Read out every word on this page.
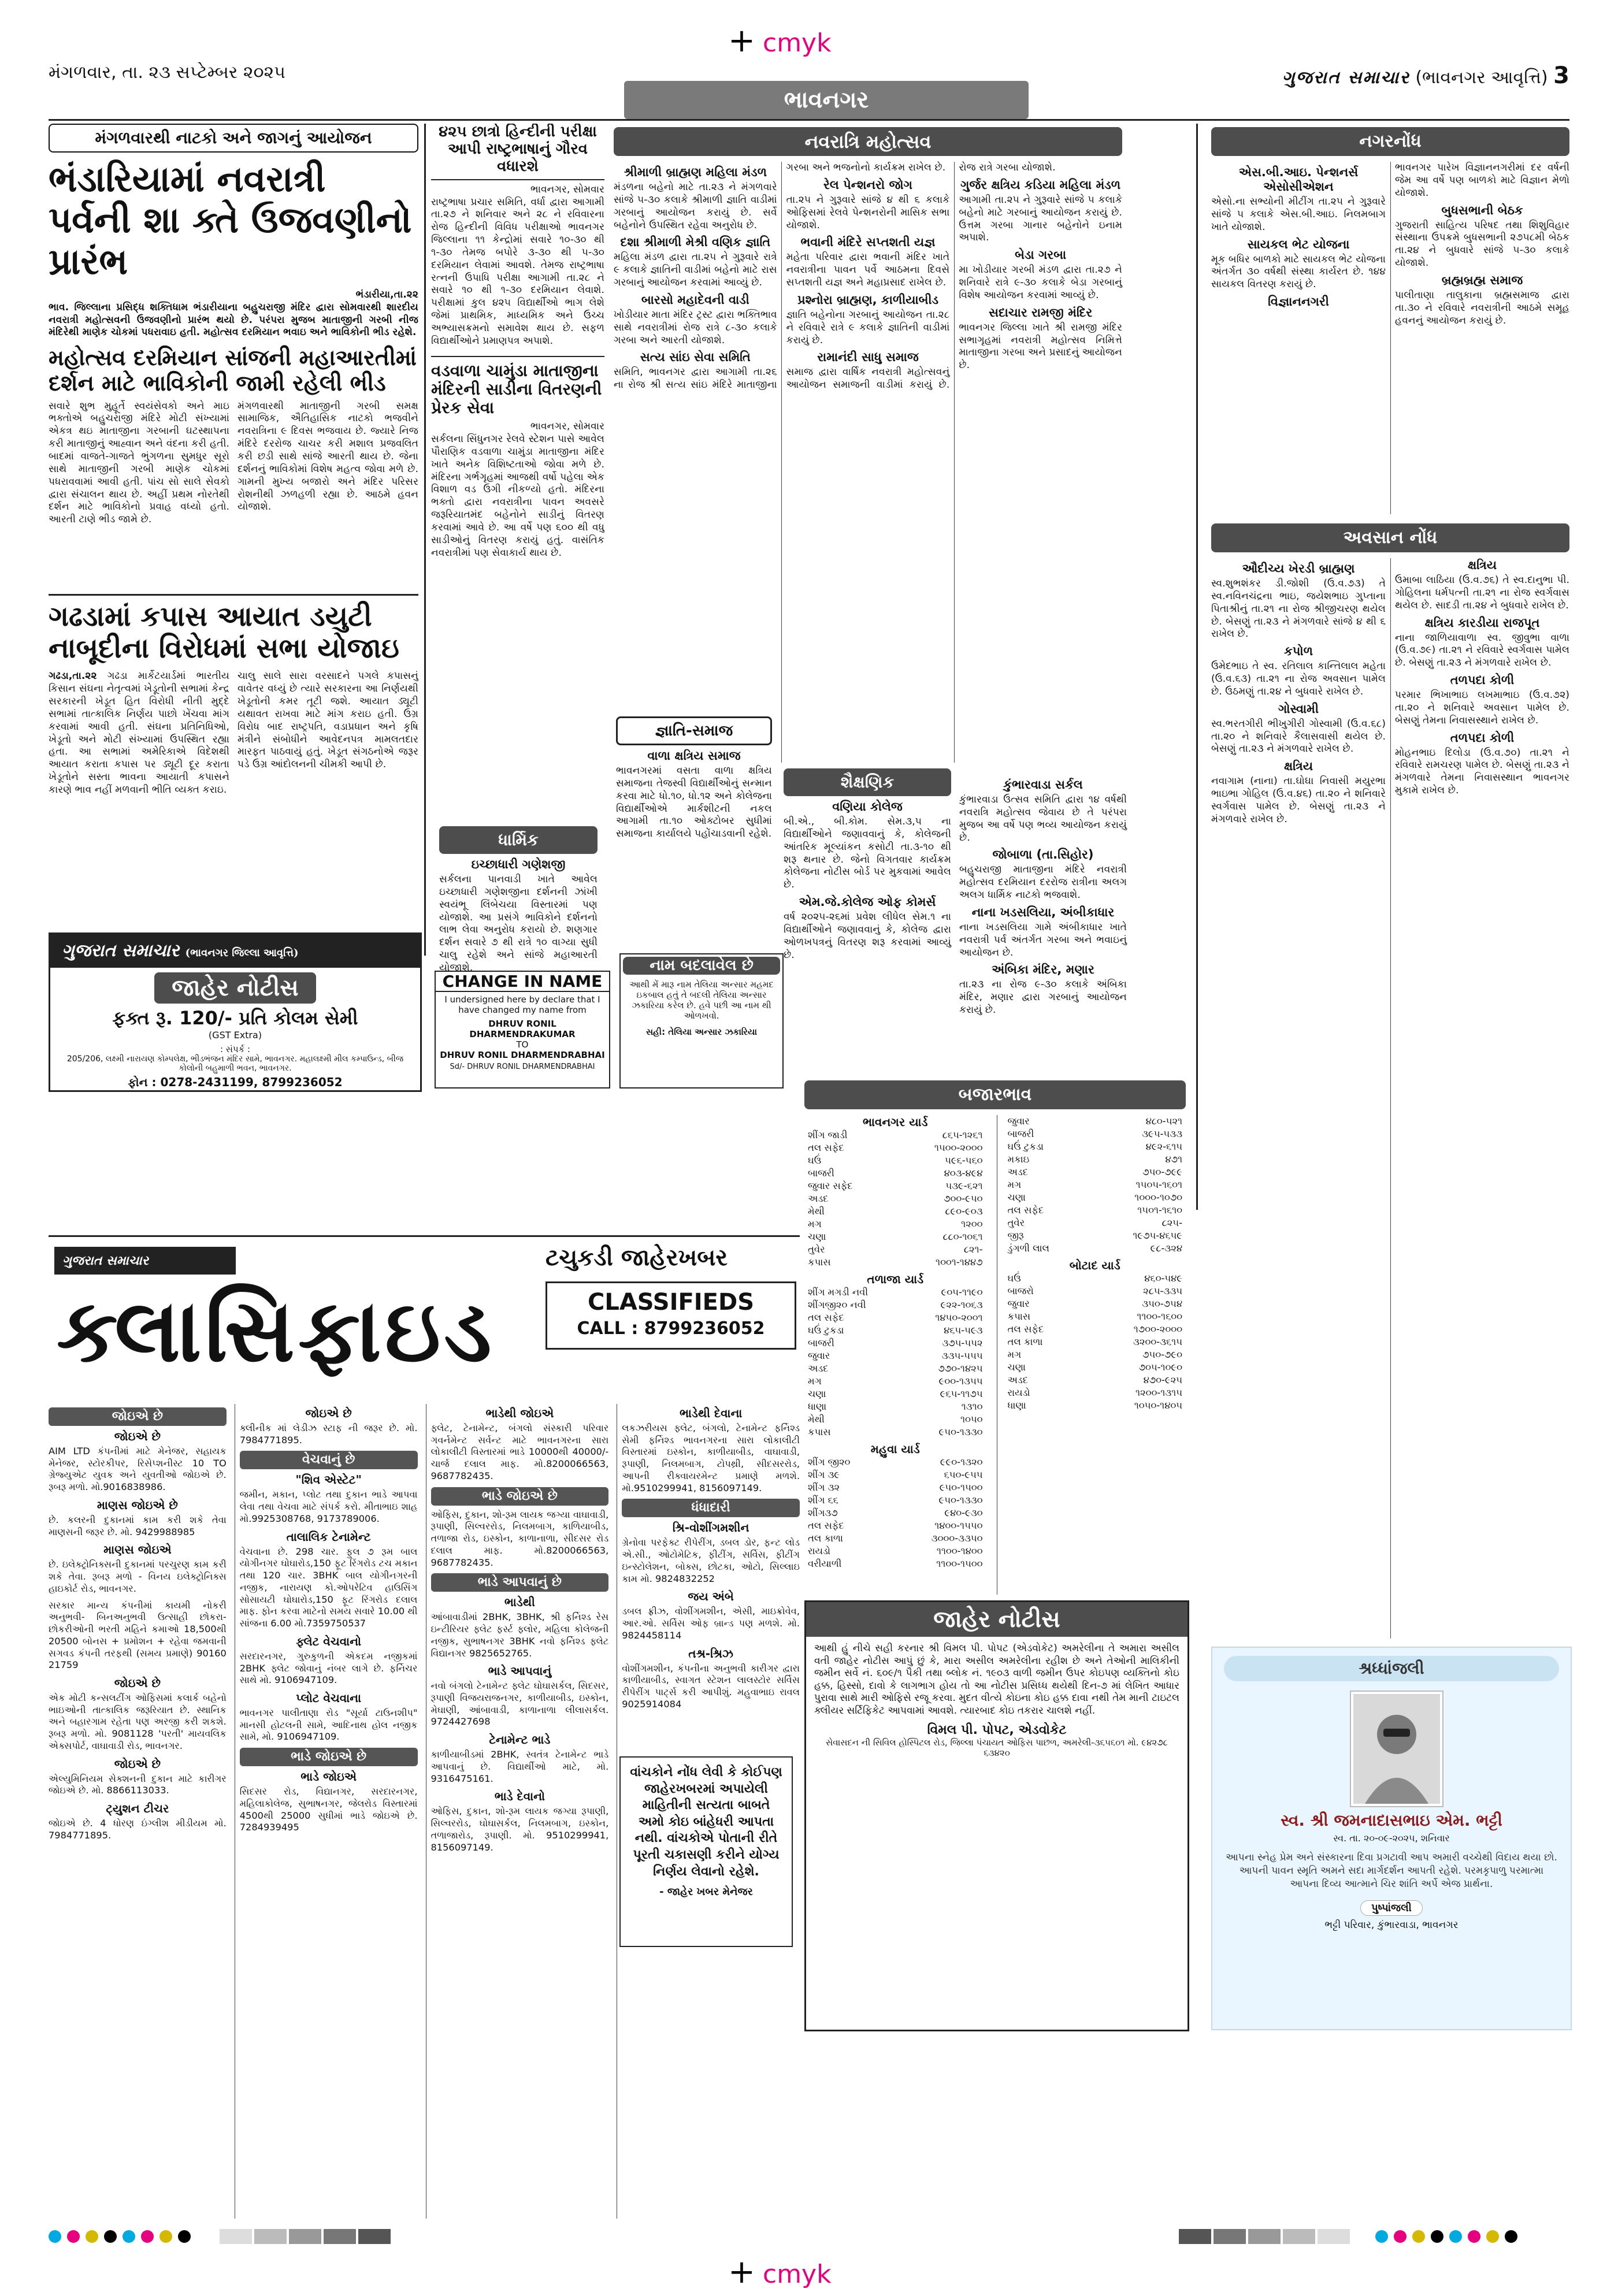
+ cmyk
મંગળવાર, તા. ૨૩ સપ્ટેમ્બર ૨૦૨૫	ગુજરાત સમાચાર (ભાવનગર આવૃત્તિ) 3
ભાવનગર
મંગળવારથી નાટકો અને જાગનું આયોજન
ભંડારિયામાં નવરાત્રી પર્વની શા ક્તે ઉજવણીનો પ્રારંભ
ભંડારીયા,તા.૨૨
ભાવ. જિલ્લાના પ્રસિદ્ધ શક્તિધામ ભંડારીયાના બહુચરાજી મંદિર દ્વારા સોમવારથી શારદીય નવરાત્રી મહોત્સવની ઉજવણીનો પ્રારંભ થયો છે. પરંપરા મુજબ માતાજીની ગરબી નીજ મંદિરેથી માણેક ચોકમાં પધરાવાઇ હતી. મહોત્સવ દરમિયાન ભવાઇ અને ભાવિકોની ભીડ રહેશે.
મહોત્સવ દરમિયાન સાંજની મહાઆરતીમાં દર્શન માટે ભાવિકોની જામી રહેલી ભીડ
સવારે શુભ મુહૂર્તે સ્વયંસેવકો અને માઇ ભક્તોએ બહુચરાજી મંદિરે મોટી સંખ્યામાં એકત્ર થઇ માતાજીના ગરબાની ઘટસ્થાપના કરી માતાજીનું આહ્વાન અને વંદના કરી હતી. બાદમાં વાજતે-ગાજતે ભુંગળના સુમધુર સૂરો સાથે માતાજીની ગરબી માણેક ચોકમાં પધરાવવામાં આવી હતી. પાંચ સો સાલે સેવકો દ્વારા સંચાલન થાય છે. અહીં પ્રથમ નોરતેથી દર્શન માટે ભાવિકોનો પ્રવાહ વધ્યો હતો. આરતી ટાણે ભીડ જામે છે.
મંગળવારથી માતાજીની ગરબી સમક્ષ સામાજિક, ઐતિહાસિક નાટકો ભજવીને નવરાત્રિના ૯ દિવસ ભજવાય છે. જ્યારે નિજ મંદિરે દરરોજ ચાચર કરી મશાલ પ્રજવલિત કરી છડી સાથે સાંજે આરતી થાય છે. જેના દર્શનનું ભાવિકોમાં વિશેષ મહત્વ જોવા મળે છે. ગામની મુખ્ય બજારો અને મંદિર પરિસર રોશનીથી ઝળહળી રહ્યા છે. આઠમે હવન યોજાશે.
ગઢડામાં કપાસ આયાત ડયુટી નાબૂદીના વિરોધમાં સભા યોજાઇ
ગઢડા,તા.૨૨ ગઢડા માર્કેટયાર્ડમાં ભારતીય કિસાન સંઘના નેતૃત્વમાં ખેડૂતોની સભામાં કેન્દ્ર સરકારની ખેડૂત હિત વિરોધી નીતી મુદ્દે સભામાં તાત્કાલિક નિર્ણય પાછો ખેંચવા માંગ કરવામાં આવી હતી. સંઘના પ્રતિનિધિઓ, ખેડૂતો અને મોટી સંખ્યામાં ઉપસ્થિત રહ્યા હતા. આ સભામાં અમેરિકાએ વિદેશથી આયાત કરાતા કપાસ પર ડ્યૂટી દૂર કરાતા ખેડૂતોને સસ્તા ભાવના આયાતી કપાસને કારણે ભાવ નહીં મળવાની ભીતિ વ્યક્ત કરાઇ.
ચાલુ સાલે સારા વરસાદને પગલે કપાસનું વાવેતર વધ્યું છે ત્યારે સરકારના આ નિર્ણયથી ખેડૂતોની કમર તૂટી જશે. આયાત ડ્યૂટી યથાવત રાખવા માટે માંગ કરાઇ હતી. ઉગ્ર વિરોધ બાદ રાષ્ટ્રપતિ, વડાપ્રધાન અને કૃષિ મંત્રીને સંબોધીને આવેદનપત્ર મામલતદાર મારફત પાઠવાયું હતું. ખેડૂત સંગઠનોએ જરૂર પડે ઉગ્ર આંદોલનની ચીમકી આપી છે.
૪૨૫ છાત્રો હિન્દીની પરીક્ષા આપી રાષ્ટ્રભાષાનું ગૌરવ વધારશે
ભાવનગર, સોમવાર
રાષ્ટ્રભાષા પ્રચાર સમિતિ, વર્ધા દ્વારા આગામી તા.૨૭ ને શનિવાર અને ૨૮ ને રવિવારના રોજ હિન્દીની વિવિધ પરીક્ષાઓ ભાવનગર જિલ્લાના ૧૧ કેન્દ્રોમાં સવારે ૧૦-૩૦ થી ૧-૩૦ તેમજ બપોરે ૩-૩૦ થી ૫-૩૦ દરમિયાન લેવામાં આવશે. તેમજ રાષ્ટ્રભાષા રત્નની ઉપાધિ પરીક્ષા આગામી તા.૨૮ ને સવારે ૧૦ થી ૧-૩૦ દરમિયાન લેવાશે. પરીક્ષામાં કુલ ૪૨૫ વિદ્યાર્થીઓ ભાગ લેશે જેમાં પ્રાથમિક, માધ્યમિક અને ઉચ્ચ અભ્યાસક્રમનો સમાવેશ થાય છે. સફળ વિદ્યાર્થીઓને પ્રમાણપત્ર અપાશે.
વડવાળા ચામુંડા માતાજીના મંદિરની સાડીના વિતરણની પ્રેરક સેવા
ભાવનગર, સોમવાર
સર્કલના સિંધુનગર રેલવે સ્ટેશન પાસે આવેલ પૌરાણિક વડવાળા ચામુંડા માતાજીના મંદિર ખાતે અનેક વિશિષ્ટતાઓ જોવા મળે છે. મંદિરના ગર્ભગૃહમાં આજથી વર્ષો પહેલા એક વિશાળ વડ ઉગી નીકળ્યો હતો. મંદિરના ભક્તો દ્વારા નવરાત્રીના પાવન અવસરે જરૂરિયાતમંદ બહેનોને સાડીનું વિતરણ કરવામાં આવે છે. આ વર્ષે પણ ૬૦૦ થી વધુ સાડીઓનું વિતરણ કરાયું હતું. વાસંતિક નવરાત્રીમાં પણ સેવાકાર્ય થાય છે.
ધાર્મિક
ઇચ્છાધારી ગણેશજી
સર્કલના પાનવાડી ખાતે આવેલ ઇચ્છાધારી ગણેશજીના દર્શનની ઝાંખી સ્વયંભૂ લિંબેચયા વિસ્તારમાં પણ યોજાશે. આ પ્રસંગે ભાવિકોને દર્શનનો લાભ લેવા અનુરોધ કરાયો છે. શણગાર દર્શન સવારે ૭ થી રાત્રે ૧૦ વાગ્યા સુધી ચાલુ રહેશે અને સાંજે મહાઆરતી યોજાશે.
ગુજરાત સમાચાર (ભાવનગર જિલ્લા આવૃત્તિ)
જાહેર નોટીસ
ફક્ત રૂ. 120/- પ્રતિ કોલમ સેમી
(GST Extra)
: સંપર્ક :
205/206, લક્ષ્મી નારાયણ કોમ્પલેક્ષ, ભીડભંજન મંદિર સામે, ભાવનગર. મહાલક્ષ્મી મીલ કમ્પાઉન્ડ, બીજ કોલોની બહુમાળી ભવન, ભાવનગર.
ફોન : 0278-2431199, 8799236052
CHANGE IN NAME
I undersigned here by declare that I have changed my name from
DHRUV RONIL DHARMENDRAKUMAR
TO
DHRUV RONIL DHARMENDRABHAI
Sd/- DHRUV RONIL DHARMENDRABHAI
નામ બદલાવેલ છે
આથી મેં મારૂ નામ તેલિયા અન્સાર મહમદ ઇકબાલ હતું તે બદલી તેલિયા અન્સાર ઝકારિયા કરેલ છે. હવે પછી આ નામ થી ઓળખવો.
સહી: તેલિયા અન્સાર ઝકારિયા
નવરાત્રિ મહોત્સવ
શ્રીમાળી બ્રાહ્મણ મહિલા મંડળ
મંડળના બહેનો માટે તા.૨૩ ને મંગળવારે સાંજે ૫-૩૦ કલાકે શ્રીમાળી જ્ઞાતિ વાડીમાં ગરબાનું આયોજન કરાયું છે. સર્વે બહેનોને ઉપસ્થિત રહેવા અનુરોધ છે.
દશા શ્રીમાળી મેશ્રી વણિક જ્ઞાતિ
મહિલા મંડળ દ્વારા તા.૨૫ ને ગુરૂવારે રાત્રે ૯ કલાકે જ્ઞાતિની વાડીમાં બહેનો માટે રાસ ગરબાનું આયોજન કરવામાં આવ્યું છે.
બારસો મહાદેવની વાડી
ખોડીયાર માતા મંદિર ટ્રસ્ટ દ્વારા ભક્તિભાવ સાથે નવરાત્રીમાં રોજ રાત્રે ૮-૩૦ કલાકે ગરબા અને આરતી યોજાશે.
સત્ય સાંઇ સેવા સમિતિ
સમિતિ, ભાવનગર દ્વારા આગામી તા.૨૬ ના રોજ શ્રી સત્ય સાંઇ મંદિરે માતાજીના ગરબા અને ભજનોનો કાર્યક્રમ રાખેલ છે.
રેલ પેન્શનરો જોગ
તા.૨૫ ને ગુરૂવારે સાંજે ૪ થી ૬ કલાકે ઓફિસમાં રેલવે પેન્શનરોની માસિક સભા યોજાશે.
ભવાની મંદિરે સપ્તશતી યજ્ઞ
મહેતા પરિવાર દ્વારા ભવાની મંદિર ખાતે નવરાત્રીના પાવન પર્વે આઠમના દિવસે સપ્તશતી યજ્ઞ અને મહાપ્રસાદ રાખેલ છે.
પ્રશ્નોરા બ્રાહ્મણ, કાળીયાબીડ
જ્ઞાતિ બહેનોના ગરબાનું આયોજન તા.૨૮ ને રવિવારે રાત્રે ૯ કલાકે જ્ઞાતિની વાડીમાં કરાયું છે.
રામાનંદી સાધુ સમાજ
સમાજ દ્વારા વાર્ષિક નવરાત્રી મહોત્સવનું આયોજન સમાજની વાડીમાં કરાયું છે. રોજ રાત્રે ગરબા યોજાશે.
ગુર્જર ક્ષત્રિય કડિયા મહિલા મંડળ
આગામી તા.૨૫ ને ગુરૂવારે સાંજે ૫ કલાકે બહેનો માટે ગરબાનું આયોજન કરાયું છે. ઉત્તમ ગરબા ગાનાર બહેનોને ઇનામ અપાશે.
બેડા ગરબા
મા ખોડીયાર ગરબી મંડળ દ્વારા તા.૨૭ ને શનિવારે રાત્રે ૯-૩૦ કલાકે બેડા ગરબાનું વિશેષ આયોજન કરવામાં આવ્યું છે.
સદાચાર રામજી મંદિર
ભાવનગર જિલ્લા ખાતે શ્રી રામજી મંદિર સભાગૃહમાં નવરાત્રી મહોત્સવ નિમિત્તે માતાજીના ગરબા અને પ્રસાદનું આયોજન છે.
જ્ઞાતિ-સમાજ
વાળા ક્ષત્રિય સમાજ
ભાવનગરમાં વસતા વાળા ક્ષત્રિય સમાજના તેજસ્વી વિદ્યાર્થીઓનું સન્માન કરવા માટે ધો.૧૦, ધો.૧૨ અને કોલેજના વિદ્યાર્થીઓએ માર્કશીટની નકલ આગામી તા.૧૦ ઓક્ટોબર સુધીમાં સમાજના કાર્યાલયે પહોંચાડવાની રહેશે.
શૈક્ષણિક
વણિયા કોલેજ
બી.એ., બી.કોમ. સેમ.૩,૫ ના વિદ્યાર્થીઓને જણાવવાનું કે, કોલેજની આંતરિક મૂલ્યાંકન કસોટી તા.૩-૧૦ થી શરૂ થનાર છે. જેનો વિગતવાર કાર્યક્રમ કોલેજના નોટીસ બોર્ડ પર મુકવામાં આવેલ છે.
એમ.જે.કોલેજ ઓફ કોમર્સ
વર્ષ ૨૦૨૫-૨૬માં પ્રવેશ લીધેલ સેમ.૧ ના વિદ્યાર્થીઓને જણાવવાનું કે, કોલેજ દ્વારા ઓળખપત્રનું વિતરણ શરૂ કરવામાં આવ્યું છે.
કુંભારવાડા સર્કલ
કુંભારવાડા ઉત્સવ સમિતિ દ્વારા ૧૪ વર્ષથી નવરાત્રિ મહોત્સવ જેવાય છે તે પરંપરા મુજબ આ વર્ષે પણ ભવ્ય આયોજન કરાયું છે.
જોબાળા (તા.સિહોર)
બહુચરાજી માતાજીના મંદિરે નવરાત્રી મહોત્સવ દરમિયાન દરરોજ રાત્રીના અલગ અલગ ધાર્મિક નાટકો ભજવાશે.
નાના ખડસલિયા, અંબીકાધાર
નાના ખડસલિયા ગામે અંબીકાધાર ખાતે નવરાત્રી પર્વ અંતર્ગત ગરબા અને ભવાઇનું આયોજન છે.
અંબિકા મંદિર, મણાર
તા.૨૩ ના રોજ ૯-૩૦ કલાકે અંબિકા મંદિર, મણાર દ્વારા ગરબાનું આયોજન કરાયું છે.
નગરનોંધ
એસ.બી.આઇ. પેન્શનર્સ એસોસીએશન
એસો.ના સભ્યોની મીટીંગ તા.૨૫ ને ગુરૂવારે સાંજે ૫ કલાકે એસ.બી.આઇ. નિલમબાગ ખાતે યોજાશે.
સાયકલ ભેટ યોજના
મૂક બધિર બાળકો માટે સાયકલ ભેટ યોજના અંતર્ગત ૩૦ વર્ષથી સંસ્થા કાર્યરત છે. ૧૪૪ સાયકલ વિતરણ કરાયું છે.
વિજ્ઞાનનગરી
ભાવનગર પારેખ વિજ્ઞાનનગરીમાં દર વર્ષની જેમ આ વર્ષે પણ બાળકો માટે વિજ્ઞાન મેળો યોજાશે.
બુધસભાની બેઠક
ગુજરાતી સાહિત્ય પરિષદ તથા શિશુવિહાર સંસ્થાના ઉપક્રમે બુધસભાની ૨૭૫૮મી બેઠક તા.૨૪ ને બુધવારે સાંજે ૫-૩૦ કલાકે યોજાશે.
બ્રહ્મબ્રહ્મ સમાજ
પાલીતાણા તાલુકાના બ્રહ્મસમાજ દ્વારા તા.૩૦ ને રવિવારે નવરાત્રીની આઠમે સમૂહ હવનનું આયોજન કરાયું છે.
અવસાન નોંધ
ઔદીચ્ય ખેરડી બ્રાહ્મણ
સ્વ.શુભશંકર ડી.જોશી (ઉ.વ.૭૩) તે સ્વ.નવિનચંદ્રના ભાઇ, જયેશભાઇ ગુપ્તાના પિતાશ્રીનું તા.૨૧ ના રોજ શ્રીજીચરણ થયેલ છે. બેસણું તા.૨૩ ને મંગળવારે સાંજે ૪ થી ૬ રાખેલ છે.
કપોળ
ઉમેદભાઇ તે સ્વ. રતિલાલ કાન્તિલાલ મહેતા (ઉ.વ.૬૩) તા.૨૧ ના રોજ અવસાન પામેલ છે. ઉઠમણું તા.૨૪ ને બુધવારે રાખેલ છે.
ગોસ્વામી
સ્વ.ભરતગીરી ભીખુગીરી ગોસ્વામી (ઉ.વ.૬૮) તા.૨૦ ને શનિવારે કૈલાસવાસી થયેલ છે. બેસણું તા.૨૩ ને મંગળવારે રાખેલ છે.
ક્ષત્રિય
નવાગામ (નાના) તા.ઘોઘા નિવાસી મયુરભા ભાઇભા ગોહિલ (ઉ.વ.૪૬) તા.૨૦ ને શનિવારે સ્વર્ગવાસ પામેલ છે. બેસણું તા.૨૩ ને મંગળવારે રાખેલ છે.
ક્ષત્રિય
ઉમાબા લાઠિયા (ઉ.વ.૭૬) તે સ્વ.દાનુભા પી. ગોહિલના ધર્મપત્ની તા.૨૧ ના રોજ સ્વર્ગવાસ થયેલ છે. સાદડી તા.૨૪ ને બુધવારે રાખેલ છે.
ક્ષત્રિય કારડીયા રાજપૂત
નાના જાળિયાવાળા સ્વ. જીવુભા વાળા (ઉ.વ.૭૯) તા.૨૧ ને રવિવારે સ્વર્ગવાસ પામેલ છે. બેસણું તા.૨૩ ને મંગળવારે રાખેલ છે.
તળપદા કોળી
પરમાર ભિખાભાઇ લખમાભાઇ (ઉ.વ.૭૨) તા.૨૦ ને શનિવારે અવસાન પામેલ છે. બેસણું તેમના નિવાસસ્થાને રાખેલ છે.
તળપદા કોળી
મોહનભાઇ દિલોડા (ઉ.વ.૭૦) તા.૨૧ ને રવિવારે રામચરણ પામેલ છે. બેસણું તા.૨૩ ને મંગળવારે તેમના નિવાસસ્થાન ભાવનગર મુકામે રાખેલ છે.
બજારભાવ
ભાવનગર યાર્ડ
શીંગ જાડી	૮૬૫-૧૨૬૧
તલ સફેદ	૧૫૦૦-૨૦૦૦
ઘઉં	૫૯૬-૫૬૦
બાજરી	૪૦૩-૪૯૪
જુવાર સફેદ	૫૩૯-૬૨૧
અડદ	૭૦૦-૯૫૦
મેથી	૮૯૦-૯૦૩
મગ	૧૨૦૦
ચણા	૮૮૦-૧૦૬૧
તુવેર	૮૨૧-
કપાસ	૧૦૦૧-૧૪૪૭
તળાજા યાર્ડ
શીંગ મગડી નવી	૯૦૫-૧૧૯૦
શીંગજી૨૦ નવી	૯૨૨-૧૦૬૩
તલ સફેદ	૧૪૫૦-૨૦૦૧
ઘઉં ટુકડા	૪૬૫-૫૯૩
બાજરી	૩૭૫-૫૫૨
જુવાર	૩૩૫-૫૫૫
અડદ	૭૭૦-૧૪૨૫
મગ	૯૦૦-૧૩૫૫
ચણા	૯૬૫-૧૧૭૫
ધાણા	૧૩૧૦
મેથી	૧૦૫૦
કપાસ	૯૫૦-૧૩૩૦
મહુવા યાર્ડ
શીંગ જી૨૦	૯૯૦-૧૩૨૦
શીંગ ૩૯	૬૫૦-૯૫૫
શીંગ ૩૨	૯૫૦-૧૫૦૦
શીંગ ૬૬	૯૫૦-૧૩૩૦
શીંગ૩૭	૯૪૦-૯૩૦
તલ સફેદ	૧૪૦૦-૧૫૫૦
તલ કાળા	૩૦૦૦-૩૩૫૦
રાયડો	૧૧૦૦-૧૪૦૦
વરીયાળી	૧૧૦૦-૧૫૦૦
જુવાર	૪૮૦-૫૨૧
બાજરી	૩૯૫-૫૩૩
ઘઉં ટુકડા	૪૯૨-૬૧૫
મકાઇ	૪૭૧
અડદ	૭૫૦-૭૯૯
મગ	૧૫૦૫-૧૬૦૧
ચણા	૧૦૦૦-૧૦૭૦
તલ સફેદ	૧૫૦૧-૧૬૧૦
તુવેર	૮૨૫-
જીરૂ	૧૯૭૫-૪૬૫૯
ડુંગળી લાલ	૯૮-૩૨૪
બોટાદ યાર્ડ
ઘઉં	૪૬૦-૫૪૯
બાજરો	૨૮૫-૩૩૫
જુવાર	૩૫૦-૭૫૪
કપાસ	૧૧૦૦-૧૬૦૦
તલ સફેદ	૧૭૦૦-૨૦૦૦
તલ કાળા	૩૨૦૦-૩૬૧૫
મગ	૭૫૦-૭૯૦
ચણા	૭૦૫-૧૦૯૦
અડદ	૪૭૦-૯૨૫
રાયડો	૧૨૦૦-૧૩૧૫
ધાણા	૧૦૫૦-૧૪૦૫
જાહેર નોટીસ
આથી હું નીચે સહી કરનાર શ્રી વિમલ પી. પોપટ (એડવોકેટ) અમરેલીના તે અમારા અસીલ વતી જાહેર નોટીસ આપું છું કે, મારા અસીલ અમરેલીના રહીશ છે અને તેઓની માલિકીની જમીન સર્વે નં. ૬૦૯/૧ પૈકી તથા બ્લોક નં. ૧૯૦૩ વાળી જમીન ઉપર કોઇપણ વ્યક્તિનો કોઇ હક્ક, હિસ્સો, દાવો કે લાગભાગ હોય તો આ નોટીસ પ્રસિધ્ધ થયેથી દિન-૭ માં લેખિત આધાર પુરાવા સાથે મારી ઓફિસે રજૂ કરવા. મુદત વીત્યે કોઇના કોઇ હક્ક દાવા નથી તેમ માની ટાઇટલ ક્લીયર સર્ટિફિકેટ આપવામાં આવશે. ત્યારબાદ કોઇ તકરાર ચાલશે નહીં.
વિમલ પી. પોપટ, એડવોકેટ
સેવાસદન ની સિવિલ હોસ્પિટલ રોડ, જિલ્લા પંચાયત ઓફિસ પાછળ, અમરેલી-૩૬૫૬૦૧ મો. ૯૪૨૭૮ ૬૩૪૨૦
વાંચકોને નોંધ લેવી કે કોઈપણ જાહેરખબરમાં અપાયેલી માહિતીની સત્યતા બાબતે અમો કોઇ બાંહેધરી આપતા નથી. વાંચકોએ પોતાની રીતે પૂરતી ચકાસણી કરીને યોગ્ય નિર્ણય લેવાનો રહેશે.
- જાહેર ખબર મેનેજર
શ્રધ્ધાંજલી
સ્વ. શ્રી જમનાદાસભાઇ એમ. ભટ્ટી
સ્વ. તા. ૨૦-૦૯-૨૦૨૫, શનિવાર
આપના સ્નેહ પ્રેમ અને સંસ્કારના દિવા પ્રગટાવી આપ અમારી વચ્ચેથી વિદાય થયા છો. આપની પાવન સ્મૃતિ અમને સદા માર્ગદર્શન આપતી રહેશે. પરમકૃપાળુ પરમાત્મા આપના દિવ્ય આત્માને ચિર શાંતિ અર્પે એજ પ્રાર્થના.
પુષ્પાંજલી
ભટ્ટી પરિવાર, કુંભારવાડા, ભાવનગર
ગુજરાત સમાચાર
ક્લાસિફાઇડ
ટચુકડી જાહેરખબર
CLASSIFIEDS
CALL : 8799236052
જોઇએ છે
જોઇએ છે
AIM LTD કંપનીમાં માટે મેનેજર, સહાયક મેનેજર, સ્ટોરકીપર, રિસેપ્શનીસ્ટ 10 TO ગ્રેજ્યુએટ યુવક અને યુવતીઓ જોઇએ છે. રૂબરૂ મળો. મો.9016838986.
માણસ જોઇએ છે
છે. કલરની દુકાનમાં કામ કરી શકે તેવા માણસની જરૂર છે. મો. 9429988985
માણસ જોઇએ
છે. ઇલેક્ટ્રોનિક્સની દુકાનમાં પરચુરણ કામ કરી શકે તેવા. રૂબરૂ મળો - વિનય ઇલેક્ટ્રોનિક્સ હાઇકોર્ટ રોડ, ભાવનગર.
સરકાર માન્ય કંપનીમાં કાયમી નોકરી અનુભવી- બિનઅનુભવી ઉત્સાહી છોકરા- છોકરીઓની ભરતી મહિને કમાઓ 18,500થી 20500 બોનસ + પ્રમોશન + રહેવા જમવાની સગવડ કંપની તરફથી (સમય પ્રમાણે) 90160 21759
જોઇએ છે
એક મોટી કન્સલટીંગ ઓફિસમાં કલાર્ક બહેનો ભાઇઓની તાત્કાલિક જરૂરિયાત છે. સ્થાનિક અને બહારગામ રહેતા પણ અરજી કરી શકશે. રૂબરૂ મળો. મો. 9081128 'પરતી' માયવલિક એક્સપોર્ટ, વાઘાવાડી રોડ, ભાવનગર.
જોઇએ છે
એલ્યુમિનિયમ સેક્શનની દુકાન માટે કારીગર જોઇએ છે. મો. 8866113033.
ટ્યુશન ટીચર
જોઇએ છે. 4 ધોરણ ઇંગ્લીશ મીડીયમ મો. 7984771895.
જોઇએ છે
ક્લીનીક માં લેડીઝ સ્ટાફ ની જરૂર છે. મો. 7984771895.
વેચવાનું છે
"શિવ એસ્ટેટ"
જમીન, મકાન, પ્લોટ તથા દુકાન ભાડે આપવા લેવા તથા વેચવા માટે સંપર્ક કરો. મીતાભાઇ શાહ મો.9925308768, 9173789006.
તાલાલિક ટેનામેન્ટ
વેચવાના છે. 298 ચાર. ફુલ ૭ રૂમ બાલ યોગીનગર ઘોઘારોડ,150 ફૂટ રિંગરોડ ટચ મકાન તથા 120 ચાર. 3BHK બાલ યોગીનગરની નજીક, નારાયણ કો.ઓપરેટિવ હાઉસિંગ સોસાયટી ઘોઘારોડ,150 ફૂટ રિંગરોડ દલાલ માફ. ફોન કરવા માટેનો સમય સવારે 10.00 થી સાંજના 6.00 મો.7359750537
ફ્લેટ વેચવાનો
સરદારનગર, ગુરુકુળની એકદમ નજીકમાં 2BHK ફ્લેટ જોવાનું નંબર લાગે છે. ફર્નિચર સાથે મો. 9106947109.
પ્લોટ વેચવાના
ભાવનગર પાલીતાણા રોડ "સૂર્યા ટાઉનશીપ" માનસી હોટલની સામે, આદિનાથ હોલ નજીક સામે, મો. 9106947109.
ભાડે જોઇએ છે
ભાડે જોઇએ
સિદસર રોડ, વિદ્યાનગર, સરદારનગર, મહિલાકોલેજ, સુભાષનગર, જેલરોડ વિસ્તારમાં 4500થી 25000 સુધીમાં ભાડે જોઇએ છે. 7284939495
ભાડેથી જોઇએ
ફ્લેટ, ટેનામેન્ટ, બંગલો સંસ્કારી પરિવાર ગવર્નમેન્ટ સર્વન્ટ માટે ભાવનગરના સારા લોકાલીટી વિસ્તારમાં ભાડે 10000થી 40000/- ચાર્જ દલાલ માફ. મો.8200066563, 9687782435.
ભાડે જોઇએ છે
ઓફિસ, દુકાન, શો-રૂમ લાયક જગ્યા વાઘાવાડી, રૂપાણી, સિલ્વરરોડ, નિલમબાગ, કાળિયાબીડ, તળાજા રોડ, ઇસ્કોન, કાળાનાળા, સીદસર રોડ દલાલ માફ. મો.8200066563, 9687782435.
ભાડે આપવાનું છે
ભાડેથી
આંબાવાડીમાં 2BHK, 3BHK, શ્રી ફર્નિશ્ડ રેસ ઇન્ટીરિયર ફ્લેટ ફર્સ્ટ ફ્લોર, મહિલા કોલેજની નજીક, સુભાષનગર 3BHK નવો ફર્નિશ્ડ ફ્લેટ વિદ્યાનગર 9825652765.
ભાડે આપવાનું
નવો બંગલો ટેનામેન્ટ ફ્લેટ ઘોઘાસર્કલ, સિદસર, રૂપાણી વિજયરાજનગર, કાળીયાબીડ, ઇસ્કોન, મેઘાણી, આંબાવાડી, કાળાનાળા લીલાસર્કલ. 9724427698
ટેનામેન્ટ ભાડે
કાળીયાબીડમાં 2BHK, સ્વતંત્ર ટેનામેન્ટ ભાડે આપવાનું છે. વિદ્યાર્થીઓ માટે, મો. 9316475161.
ભાડે દેવાનો
ઓફિસ, દુકાન, શો-રૂમ લાયક જગ્યા રૂપાણી, સિલ્વરરોડ, ઘોઘાસર્કલ, નિલમબાગ, ઇસ્કોન, તળાજારોડ, રૂપાણી. મો. 9510299941, 8156097149.
ભાડેથી દેવાના
લકઝરીયસ ફ્લેટ, બંગલો, ટેનામેન્ટ ફર્નિશ્ડ સેમી ફર્નિશ્ડ ભાવનગરના સારા લોકાલીટી વિસ્તારમાં ઇસ્કોન, કાળીયાબીડ, વાઘાવાડી, રૂપાણી, નિલમબાગ, ટોપથ્રી, સીદસરરોડ, આપની રીક્વાયરમેન્ટ પ્રમાણે મળશે. મો.9510299941, 8156097149.
ધંધાદારી
શ્રિ-વોશીંગમશીન
ગ્રેનોવા પરફેક્ટ રીપેરીંગ, ડબલ ડોર, ફન્ટ લોડ એ.સી., ઓટોમેટિક, ફીટીંગ, સર્વિસ, ફીટીંગ ઇન્સ્ટોલેશન, બોક્સ, છોટકા, ઓટો, સિલ્લાઇ કામ મો. 9824832252
જય અંબે
ડબલ ફ્રીઝ, વોશીંગમશીન, એસી, માઇક્રોવેવ, આર.ઓ. સર્વિસ ઓફ બ્રાન્ડ પણ મળશે. મો. 9824458114
તશ્ર-શ્રિઝ
વોશીંગમશીન, કંપનીના અનુભવી કારીગર દ્વારા કાળીયાબીડ, સ્વાગત સ્ટેશન લાલસ્ટોર સર્વિસ રીપેરીંગ પાર્ટ્સ કરી આપીશું. મહુવાભાઇ રાવલ 9025914084
+ cmyk
